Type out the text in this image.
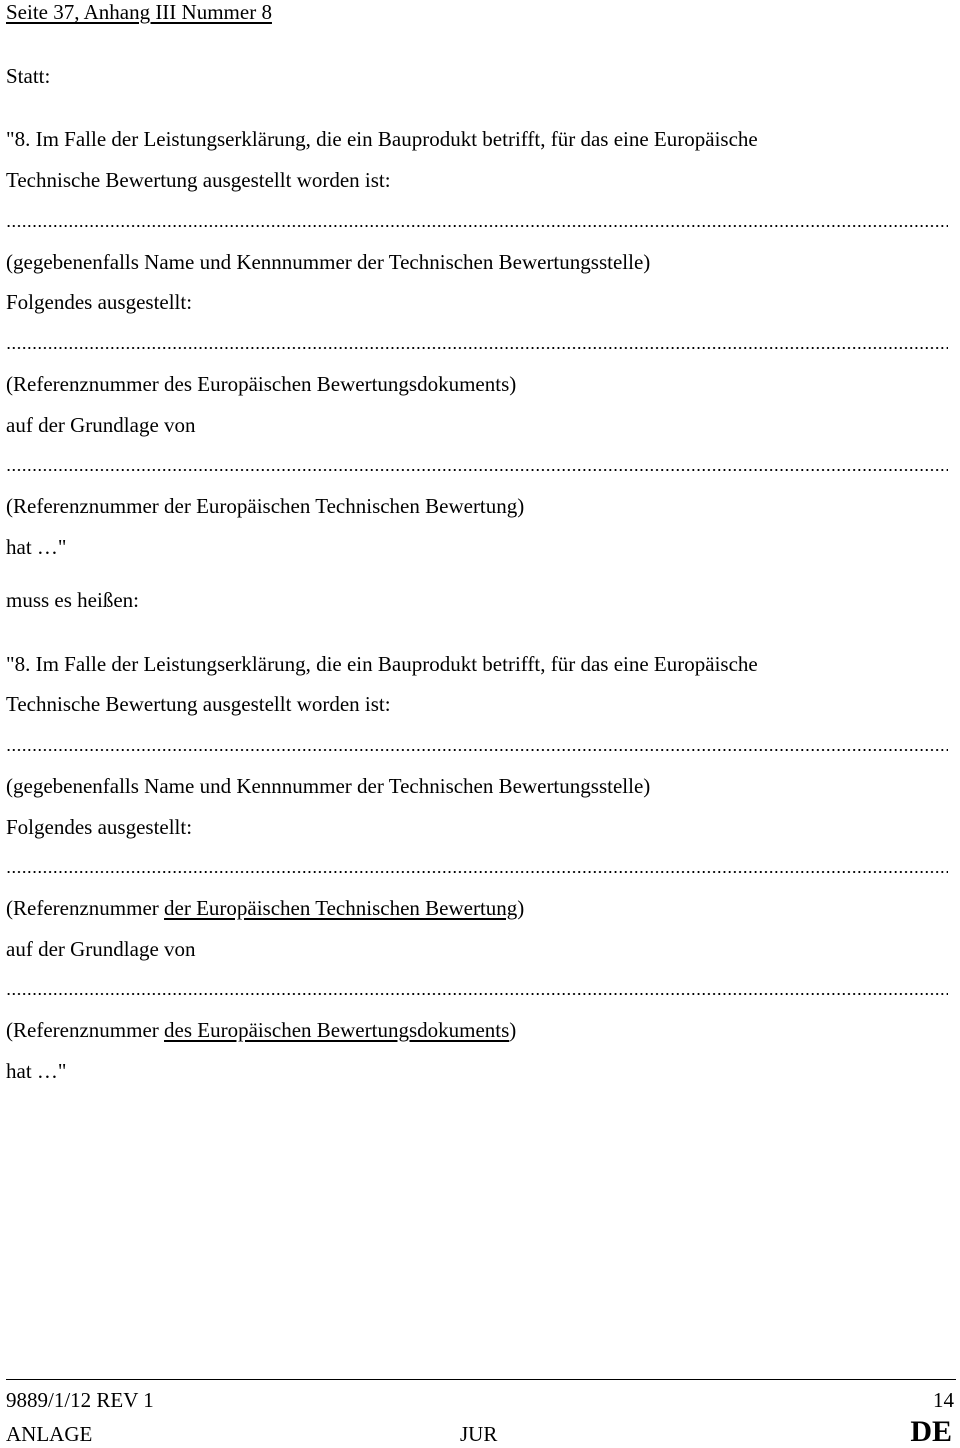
Seite 37, Anhang III Nummer 8
Statt:
"8. Im Falle der Leistungserklärung, die ein Bauprodukt betrifft, für das eine Europäische
Technische Bewertung ausgestellt worden ist:
(gegebenenfalls Name und Kennnummer der Technischen Bewertungsstelle)
Folgendes ausgestellt:
(Referenznummer des Europäischen Bewertungsdokuments)
auf der Grundlage von
(Referenznummer der Europäischen Technischen Bewertung)
hat …"
muss es heißen:
"8. Im Falle der Leistungserklärung, die ein Bauprodukt betrifft, für das eine Europäische
Technische Bewertung ausgestellt worden ist:
(gegebenenfalls Name und Kennnummer der Technischen Bewertungsstelle)
Folgendes ausgestellt:
(Referenznummer der Europäischen Technischen Bewertung)
auf der Grundlage von
(Referenznummer des Europäischen Bewertungsdokuments)
hat …"
9889/1/12 REV 1	14
ANLAGE	JUR	DE
